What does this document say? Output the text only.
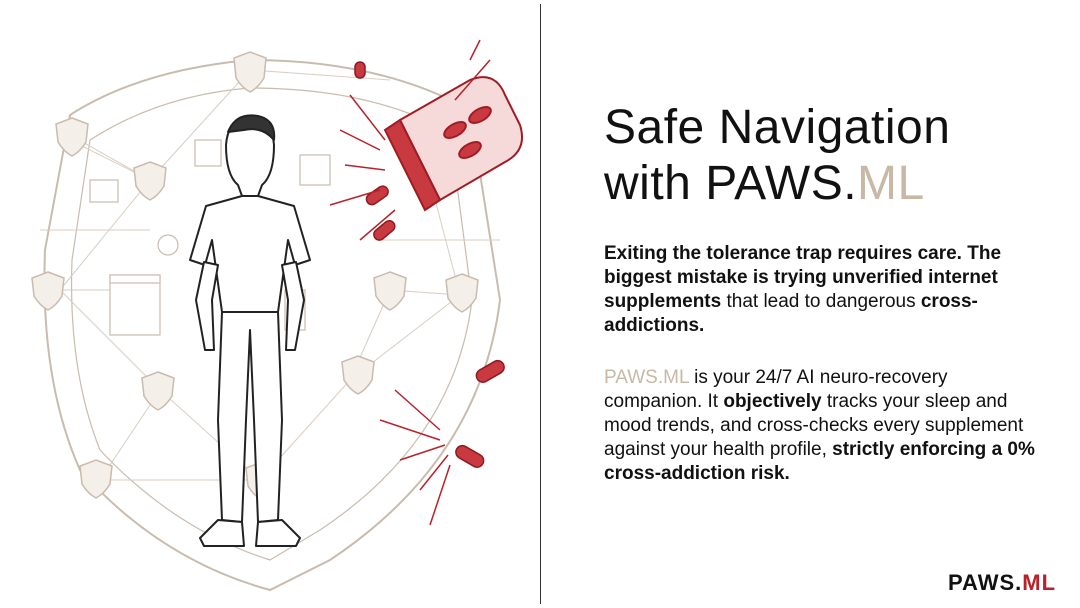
Safe Navigation
with PAWS.ML
Exiting the tolerance trap requires care. The biggest mistake is trying unverified internet supplements that lead to dangerous cross-addictions.
PAWS.ML is your 24/7 AI neuro-recovery companion. It objectively tracks your sleep and mood trends, and cross-checks every supplement against your health profile, strictly enforcing a 0% cross-addiction risk.
PAWS.ML
